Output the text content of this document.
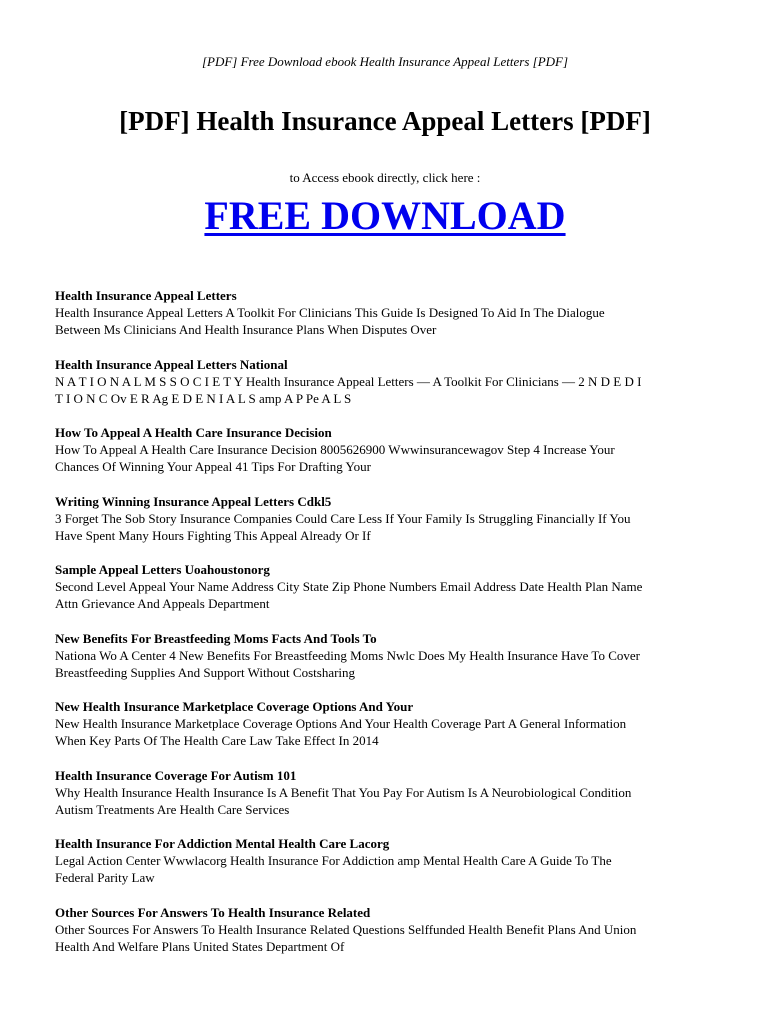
[PDF] Free Download ebook Health Insurance Appeal Letters [PDF]
[PDF] Health Insurance Appeal Letters [PDF]
to Access ebook directly, click here :
FREE DOWNLOAD
Health Insurance Appeal Letters
Health Insurance Appeal Letters A Toolkit For Clinicians This Guide Is Designed To Aid In The Dialogue
Between Ms Clinicians And Health Insurance Plans When Disputes Over
Health Insurance Appeal Letters National
N A T I O N A L M S S O C I E T Y Health Insurance Appeal Letters — A Toolkit For Clinicians — 2 N D E D I
T I O N C Ov E R Ag E D E N I A L S amp A P Pe A L S
How To Appeal A Health Care Insurance Decision
How To Appeal A Health Care Insurance Decision 8005626900 Wwwinsurancewagov Step 4 Increase Your
Chances Of Winning Your Appeal 41 Tips For Drafting Your
Writing Winning Insurance Appeal Letters Cdkl5
3 Forget The Sob Story Insurance Companies Could Care Less If Your Family Is Struggling Financially If You
Have Spent Many Hours Fighting This Appeal Already Or If
Sample Appeal Letters Uoahoustonorg
Second Level Appeal Your Name Address City State Zip Phone Numbers Email Address Date Health Plan Name
Attn Grievance And Appeals Department
New Benefits For Breastfeeding Moms Facts And Tools To
Nationa Wo A Center 4 New Benefits For Breastfeeding Moms Nwlc Does My Health Insurance Have To Cover
Breastfeeding Supplies And Support Without Costsharing
New Health Insurance Marketplace Coverage Options And Your
New Health Insurance Marketplace Coverage Options And Your Health Coverage Part A General Information
When Key Parts Of The Health Care Law Take Effect In 2014
Health Insurance Coverage For Autism 101
Why Health Insurance Health Insurance Is A Benefit That You Pay For Autism Is A Neurobiological Condition
Autism Treatments Are Health Care Services
Health Insurance For Addiction Mental Health Care Lacorg
Legal Action Center Wwwlacorg Health Insurance For Addiction amp Mental Health Care A Guide To The
Federal Parity Law
Other Sources For Answers To Health Insurance Related
Other Sources For Answers To Health Insurance Related Questions Selffunded Health Benefit Plans And Union
Health And Welfare Plans United States Department Of
